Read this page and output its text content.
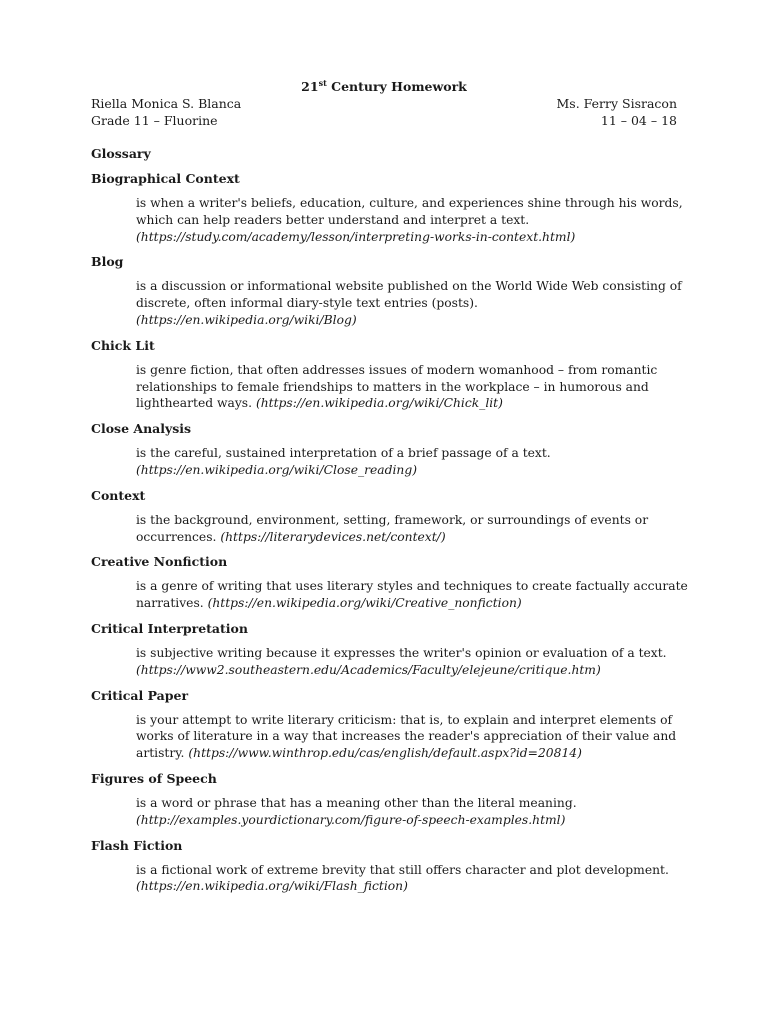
21st Century Homework
Riella Monica S. Blanca
Grade 11 – Fluorine
Ms. Ferry Sisracon
11 – 04 – 18
Glossary
Biographical Context
is when a writer's beliefs, education, culture, and experiences shine through his words, which can help readers better understand and interpret a text. (https://study.com/academy/lesson/interpreting-works-in-context.html)
Blog
is a discussion or informational website published on the World Wide Web consisting of discrete, often informal diary-style text entries (posts). (https://en.wikipedia.org/wiki/Blog)
Chick Lit
is genre fiction, that often addresses issues of modern womanhood – from romantic relationships to female friendships to matters in the workplace – in humorous and lighthearted ways. (https://en.wikipedia.org/wiki/Chick_lit)
Close Analysis
is the careful, sustained interpretation of a brief passage of a text. (https://en.wikipedia.org/wiki/Close_reading)
Context
is the background, environment, setting, framework, or surroundings of events or occurrences. (https://literarydevices.net/context/)
Creative Nonfiction
is a genre of writing that uses literary styles and techniques to create factually accurate narratives. (https://en.wikipedia.org/wiki/Creative_nonfiction)
Critical Interpretation
is subjective writing because it expresses the writer's opinion or evaluation of a text. (https://www2.southeastern.edu/Academics/Faculty/elejeune/critique.htm)
Critical Paper
is your attempt to write literary criticism: that is, to explain and interpret elements of works of literature in a way that increases the reader's appreciation of their value and artistry. (https://www.winthrop.edu/cas/english/default.aspx?id=20814)
Figures of Speech
is a word or phrase that has a meaning other than the literal meaning. (http://examples.yourdictionary.com/figure-of-speech-examples.html)
Flash Fiction
is a fictional work of extreme brevity that still offers character and plot development. (https://en.wikipedia.org/wiki/Flash_fiction)
